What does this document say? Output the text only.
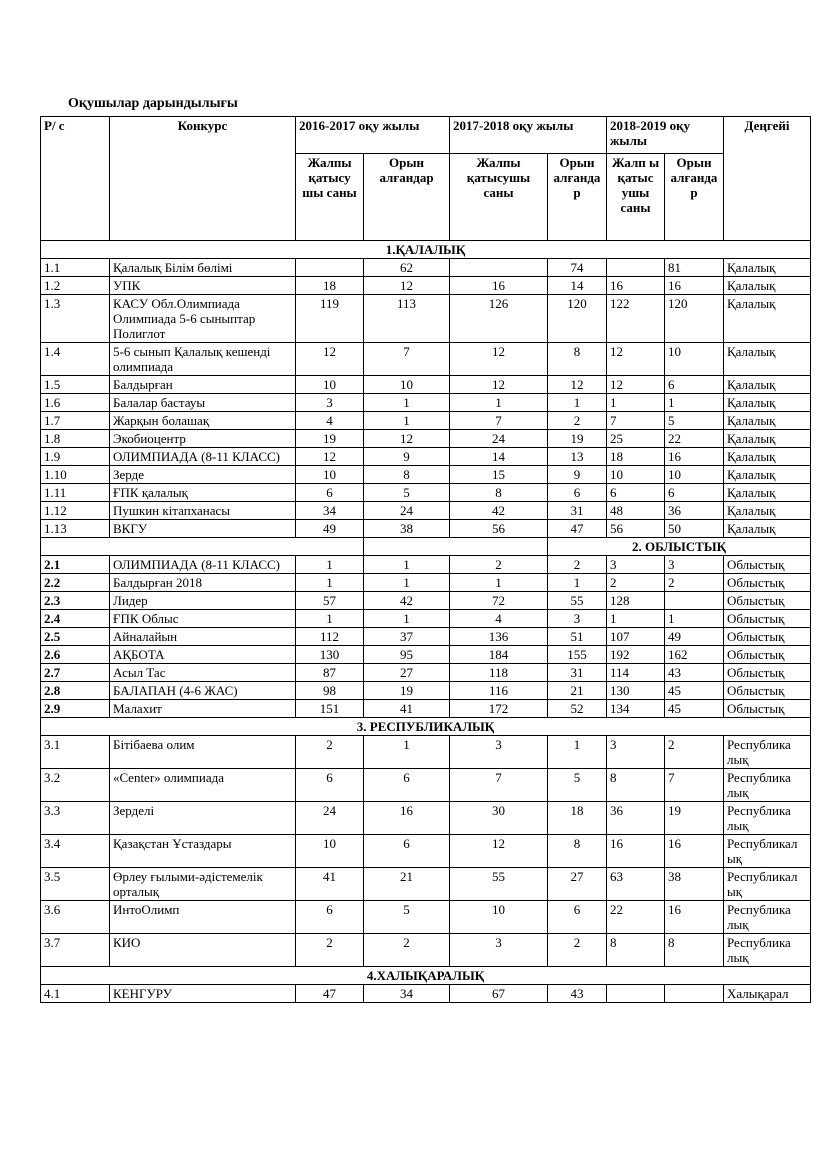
Оқушылар дарындылығы
Р/ с	Конкурс	2016-2017 оқу жылы		2017-2018 оқу жылы		2018-2019 оқу жылы		Деңгейі
		Жалпы қатысу шы саны	Орын алғандар	Жалпы қатысушы саны	Орын алғанда р	Жалп ы қатыс ушы саны	Орын алғанда р	
1.ҚАЛАЛЫҚ								
1.1	Қалалық Білім бөлімі		62		74		81	Қалалық
1.2	УПК	18	12	16	14	16	16	Қалалық
1.3	КАСУ Обл.Олимпиада Олимпиада 5-6 сыныптар Полиглот	119	113	126	120	122	120	Қалалық
1.4	5-6 сынып Қалалық кешенді олимпиада	12	7	12	8	12	10	Қалалық
1.5	Балдырған	10	10	12	12	12	6	Қалалық
1.6	Балалар бастауы	3	1	1	1	1	1	Қалалық
1.7	Жарқын болашақ	4	1	7	2	7	5	Қалалық
1.8	Экобиоцентр	19	12	24	19	25	22	Қалалық
1.9	ОЛИМПИАДА (8-11 КЛАСС)	12	9	14	13	18	16	Қалалық
1.10	Зерде	10	8	15	9	10	10	Қалалық
1.11	ҒПК қалалық	6	5	8	6	6	6	Қалалық
1.12	Пушкин кітапханасы	34	24	42	31	48	36	Қалалық
1.13	ВКГУ	49	38	56	47	56	50	Қалалық
					2. ОБЛЫСТЫҚ			
2.1	ОЛИМПИАДА (8-11 КЛАСС)	1	1	2	2	3	3	Облыстық
2.2	Балдырған 2018	1	1	1	1	2	2	Облыстық
2.3	Лидер	57	42	72	55	128		Облыстық
2.4	ҒПК Облыс	1	1	4	3	1	1	Облыстық
2.5	Айналайын	112	37	136	51	107	49	Облыстық
2.6	АҚБОТА	130	95	184	155	192	162	Облыстық
2.7	Асыл Тас	87	27	118	31	114	43	Облыстық
2.8	БАЛАПАН (4-6 ЖАС)	98	19	116	21	130	45	Облыстық
2.9	Малахит	151	41	172	52	134	45	Облыстық
3. РЕСПУБЛИКАЛЫҚ								
3.1	Бітібаева олим	2	1	3	1	3	2	Республика лық
3.2	«Center» олимпиада	6	6	7	5	8	7	Республика лық
3.3	Зерделі	24	16	30	18	36	19	Республика лық
3.4	Қазақстан Ұстаздары	10	6	12	8	16	16	Республикал ық
3.5	Өрлеу ғылыми-әдістемелік орталық	41	21	55	27	63	38	Республикал ық
3.6	ИнтоОлимп	6	5	10	6	22	16	Республика лық
3.7	КИО	2	2	3	2	8	8	Республика лық
4.ХАЛЫҚАРАЛЫҚ								
4.1	КЕНГУРУ	47	34	67	43			Халықарал
